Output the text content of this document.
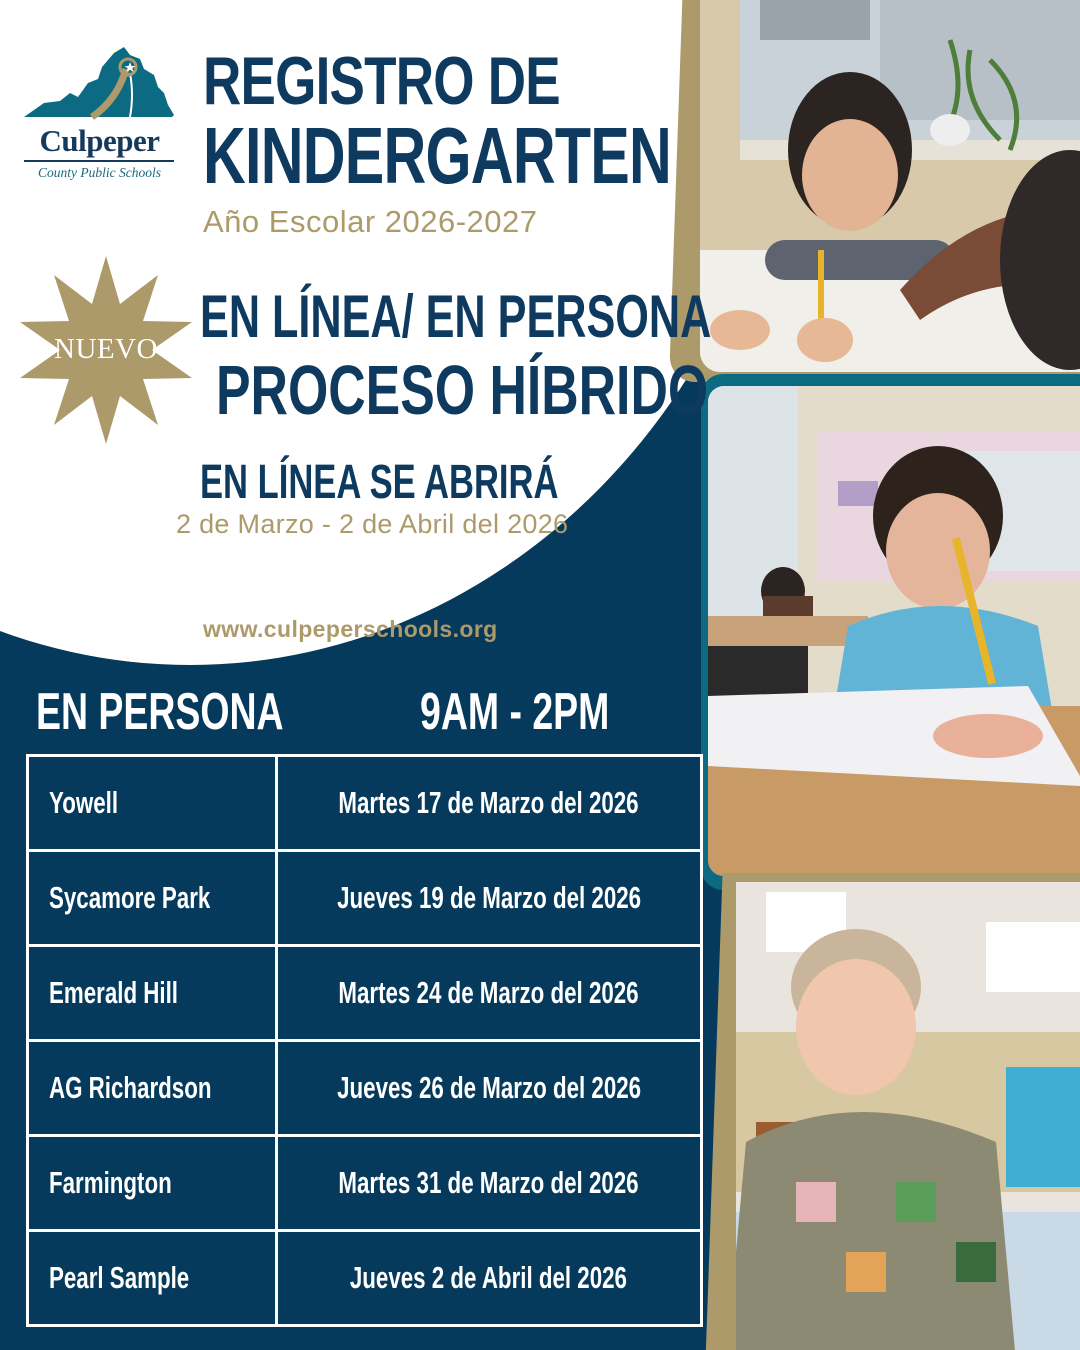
Culpeper
County Public Schools
REGISTRO DE
KINDERGARTEN
Año Escolar 2026-2027
NUEVO EN LÍNEA/ EN PERSONA
PROCESO HÍBRIDO
EN LÍNEA SE ABRIRÁ
2 de Marzo - 2 de Abril del 2026
www.culpeperschools.org
EN PERSONA	9AM - 2PM
Yowell	Martes 17 de Marzo del 2026
Sycamore Park	Jueves 19 de Marzo del 2026
Emerald Hill	Martes 24 de Marzo del 2026
AG Richardson	Jueves 26 de Marzo del 2026
Farmington	Martes 31 de Marzo del 2026
Pearl Sample	Jueves 2 de Abril del 2026
